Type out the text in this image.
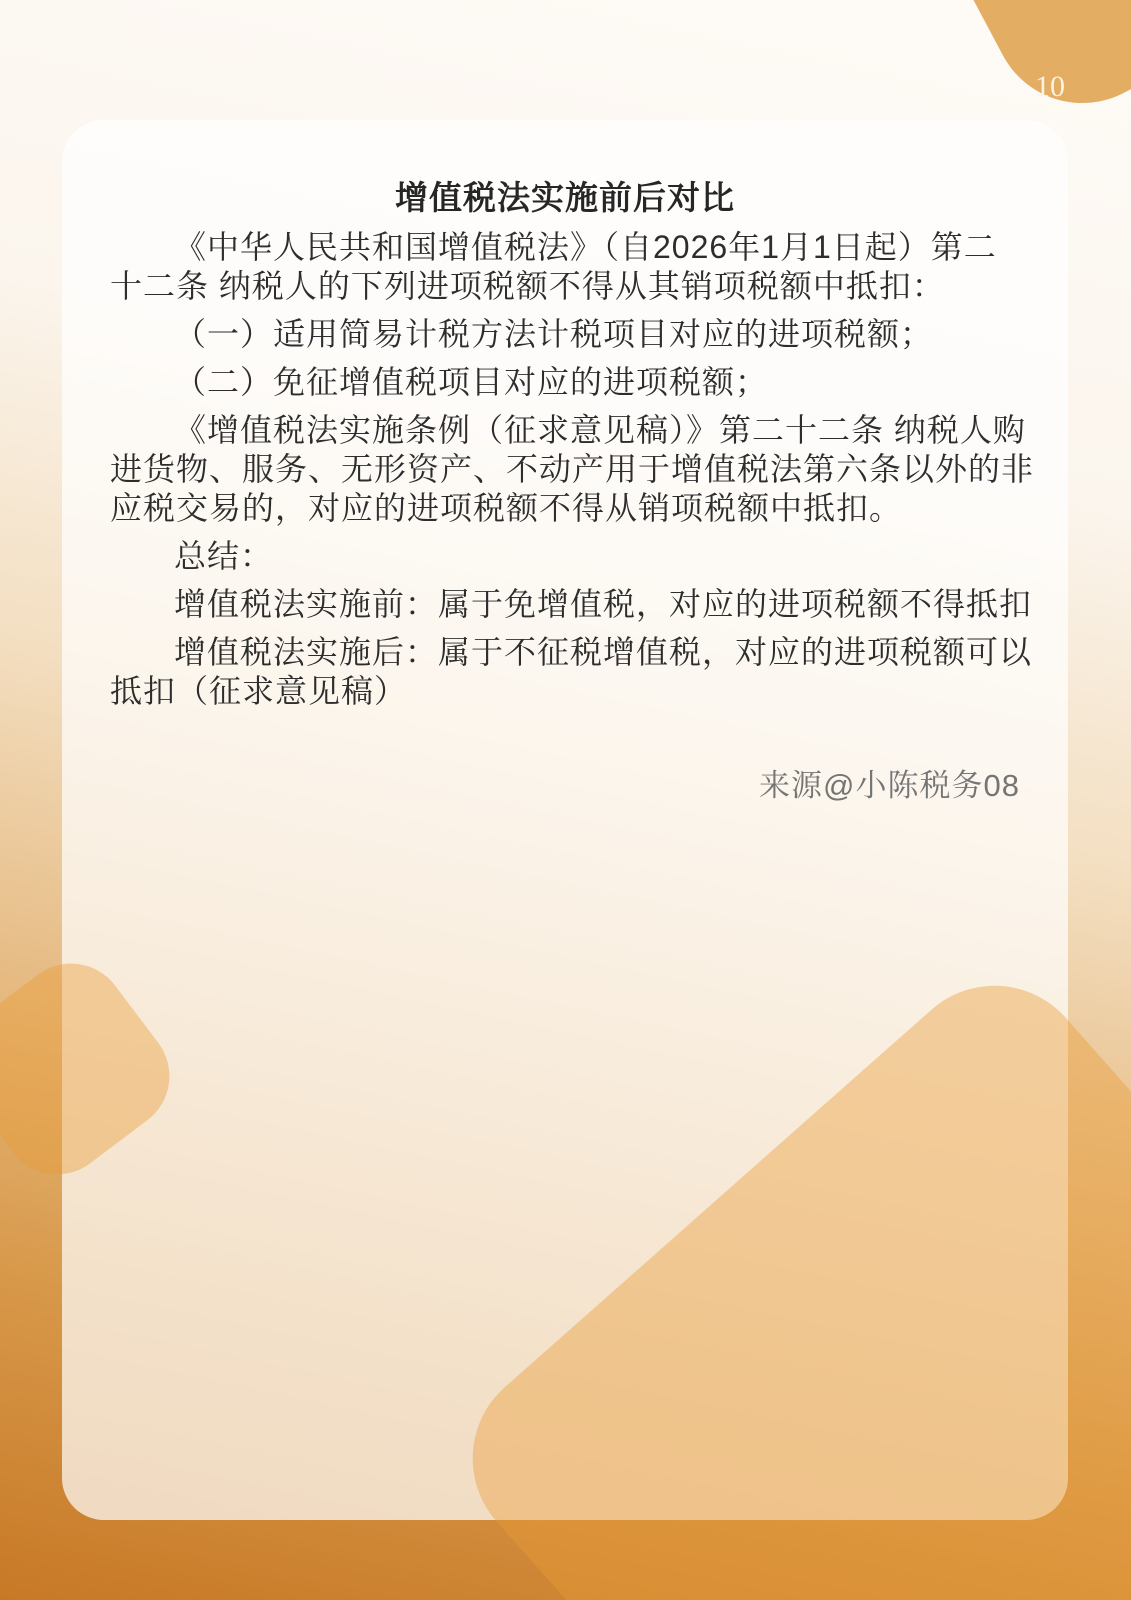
10
增值税法实施前后对比
《中华人民共和国增值税法》（自2026年1月1日起）第二
十二条 纳税人的下列进项税额不得从其销项税额中抵扣：
（一）适用简易计税方法计税项目对应的进项税额；
（二）免征增值税项目对应的进项税额；
《增值税法实施条例（征求意见稿）》第二十二条 纳税人购
进货物、服务、无形资产、不动产用于增值税法第六条以外的非
应税交易的，对应的进项税额不得从销项税额中抵扣。
总结：
增值税法实施前：属于免增值税，对应的进项税额不得抵扣
增值税法实施后：属于不征税增值税，对应的进项税额可以
抵扣（征求意见稿）
来源@小陈税务08
